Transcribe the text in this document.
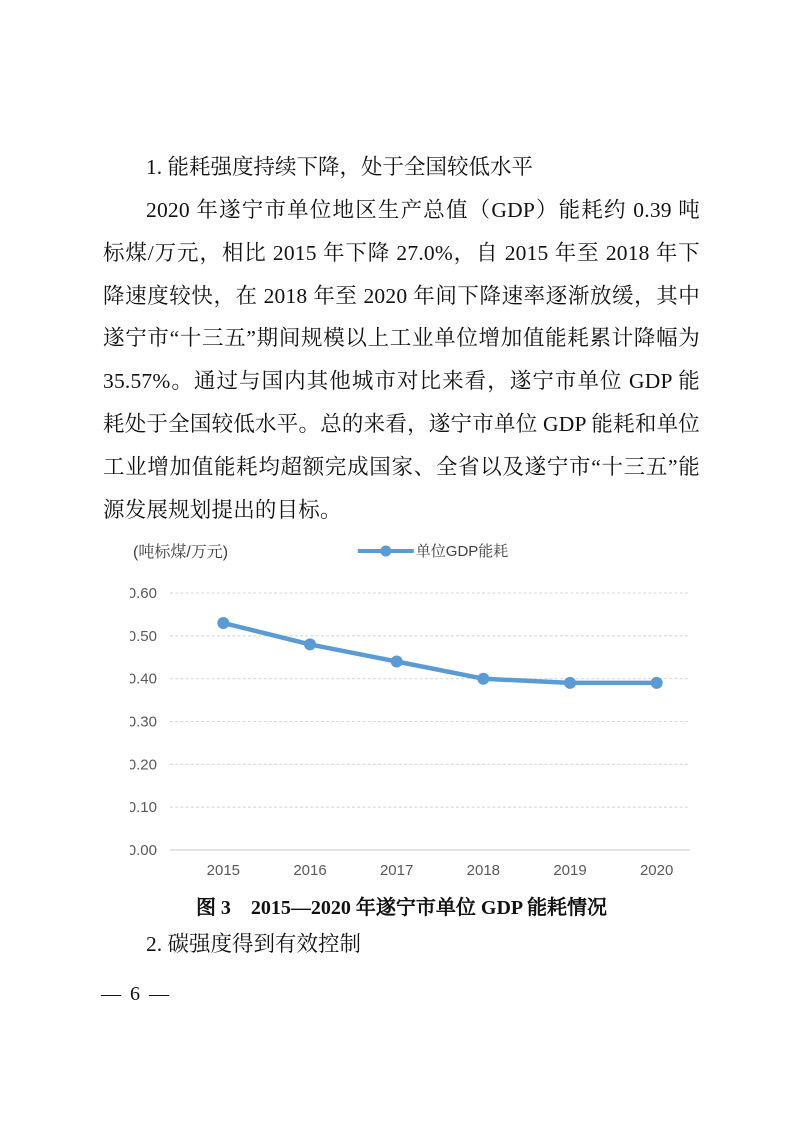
1. 能耗强度持续下降，处于全国较低水平

2020 年遂宁市单位地区生产总值（GDP）能耗约 0.39 吨标煤/万元，相比 2015 年下降 27.0%，自 2015 年至 2018 年下降速度较快，在 2018 年至 2020 年间下降速率逐渐放缓，其中遂宁市“十三五”期间规模以上工业单位增加值能耗累计降幅为 35.57%。通过与国内其他城市对比来看，遂宁市单位 GDP 能耗处于全国较低水平。总的来看，遂宁市单位 GDP 能耗和单位工业增加值能耗均超额完成国家、全省以及遂宁市“十三五”能源发展规划提出的目标。

(吨标煤/万元)	单位GDP能耗
0.00
0.10
0.20
0.30
0.40
0.50
0.60
2015	2016	2017	2018	2019	2020
图 3　2015—2020 年遂宁市单位 GDP 能耗情况
2. 碳强度得到有效控制
— 6 —
